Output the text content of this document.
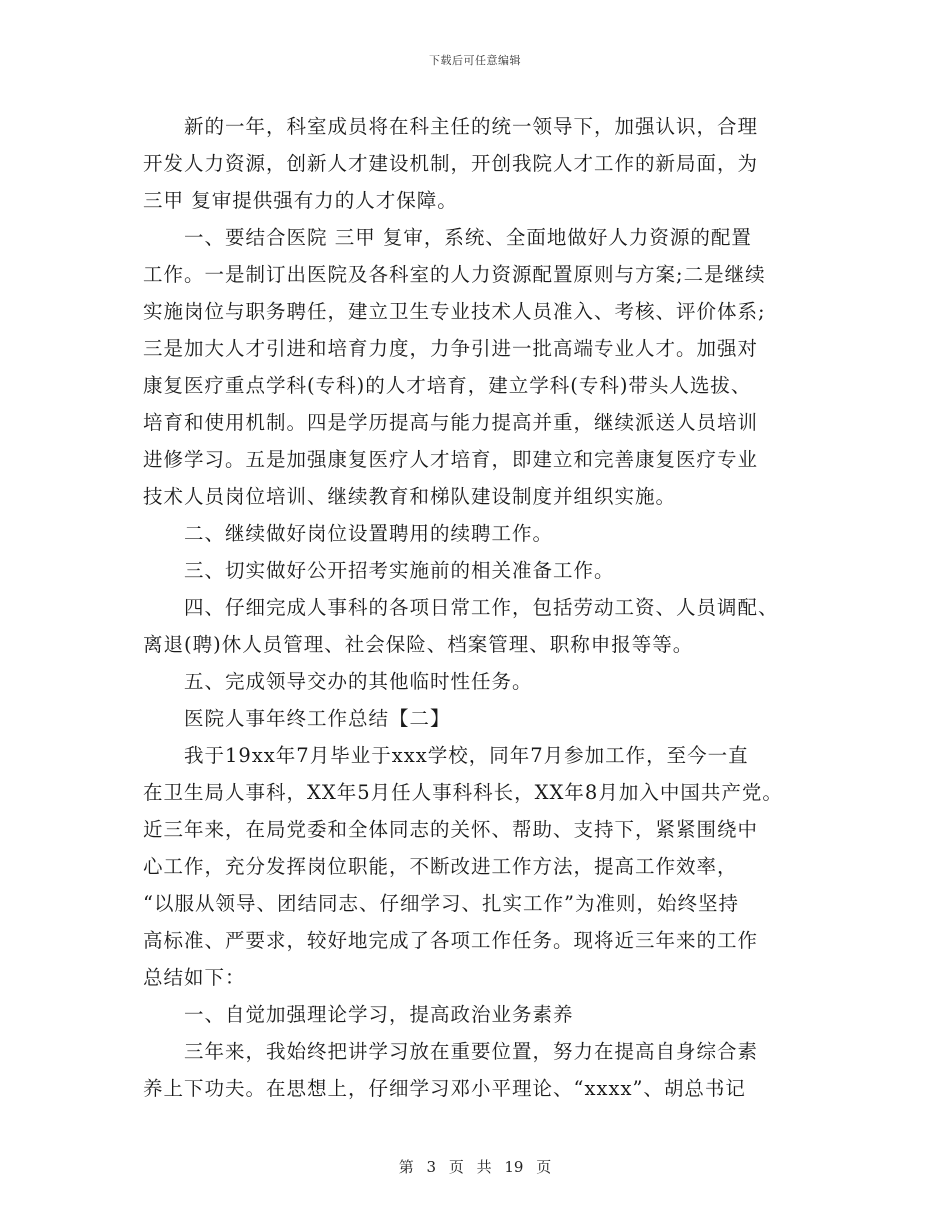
下载后可任意编辑
　　新的一年，科室成员将在科主任的统一领导下，加强认识，合理
开发人力资源，创新人才建设机制，开创我院人才工作的新局面，为
三甲 复审提供强有力的人才保障。
　　一、要结合医院 三甲 复审，系统、全面地做好人力资源的配置
工作。一是制订出医院及各科室的人力资源配置原则与方案;二是继续
实施岗位与职务聘任，建立卫生专业技术人员准入、考核、评价体系;
三是加大人才引进和培育力度，力争引进一批高端专业人才。加强对
康复医疗重点学科(专科)的人才培育，建立学科(专科)带头人选拔、
培育和使用机制。四是学历提高与能力提高并重，继续派送人员培训
进修学习。五是加强康复医疗人才培育，即建立和完善康复医疗专业
技术人员岗位培训、继续教育和梯队建设制度并组织实施。
　　二、继续做好岗位设置聘用的续聘工作。
　　三、切实做好公开招考实施前的相关准备工作。
　　四、仔细完成人事科的各项日常工作，包括劳动工资、人员调配、
离退(聘)休人员管理、社会保险、档案管理、职称申报等等。
　　五、完成领导交办的其他临时性任务。
　　医院人事年终工作总结【二】
　　我于19xx年7月毕业于xxx学校，同年7月参加工作，至今一直
在卫生局人事科，XX年5月任人事科科长，XX年8月加入中国共产党。
近三年来，在局党委和全体同志的关怀、帮助、支持下，紧紧围绕中
心工作，充分发挥岗位职能，不断改进工作方法，提高工作效率，
“以服从领导、团结同志、仔细学习、扎实工作”为准则，始终坚持
高标准、严要求，较好地完成了各项工作任务。现将近三年来的工作
总结如下：
　　一、自觉加强理论学习，提高政治业务素养
　　三年来，我始终把讲学习放在重要位置，努力在提高自身综合素
养上下功夫。在思想上，仔细学习邓小平理论、“xxxx”、胡总书记
第 3 页 共 19 页
